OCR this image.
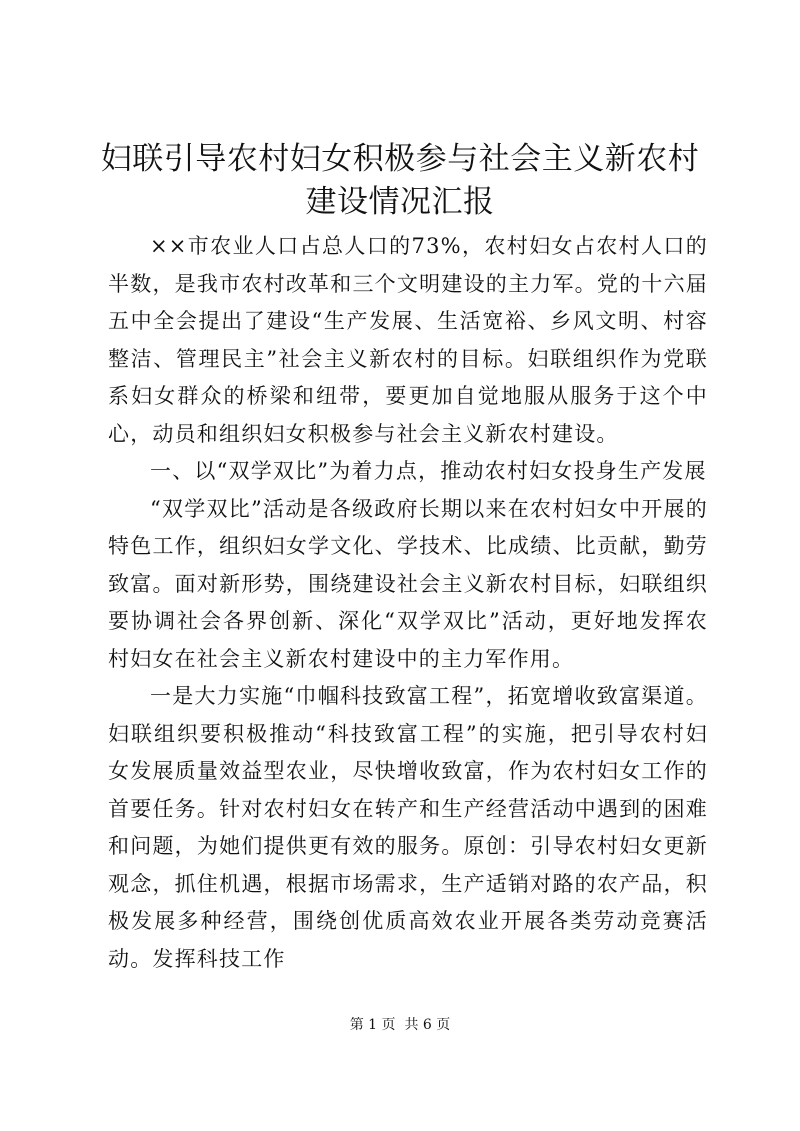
妇联引导农村妇女积极参与社会主义新农村建设情况汇报

××市农业人口占总人口的73%，农村妇女占农村人口的半数，是我市农村改革和三个文明建设的主力军。党的十六届五中全会提出了建设“生产发展、生活宽裕、乡风文明、村容整洁、管理民主”社会主义新农村的目标。妇联组织作为党联系妇女群众的桥梁和纽带，要更加自觉地服从服务于这个中心，动员和组织妇女积极参与社会主义新农村建设。

一、以“双学双比”为着力点，推动农村妇女投身生产发展

“双学双比”活动是各级政府长期以来在农村妇女中开展的特色工作，组织妇女学文化、学技术、比成绩、比贡献，勤劳致富。面对新形势，围绕建设社会主义新农村目标，妇联组织要协调社会各界创新、深化“双学双比”活动，更好地发挥农村妇女在社会主义新农村建设中的主力军作用。

一是大力实施“巾帼科技致富工程”，拓宽增收致富渠道。妇联组织要积极推动“科技致富工程”的实施，把引导农村妇女发展质量效益型农业，尽快增收致富，作为农村妇女工作的首要任务。针对农村妇女在转产和生产经营活动中遇到的困难和问题，为她们提供更有效的服务。原创：引导农村妇女更新观念，抓住机遇，根据市场需求，生产适销对路的农产品，积极发展多种经营，围绕创优质高效农业开展各类劳动竞赛活动。发挥科技工作

第 1 页  共 6 页
